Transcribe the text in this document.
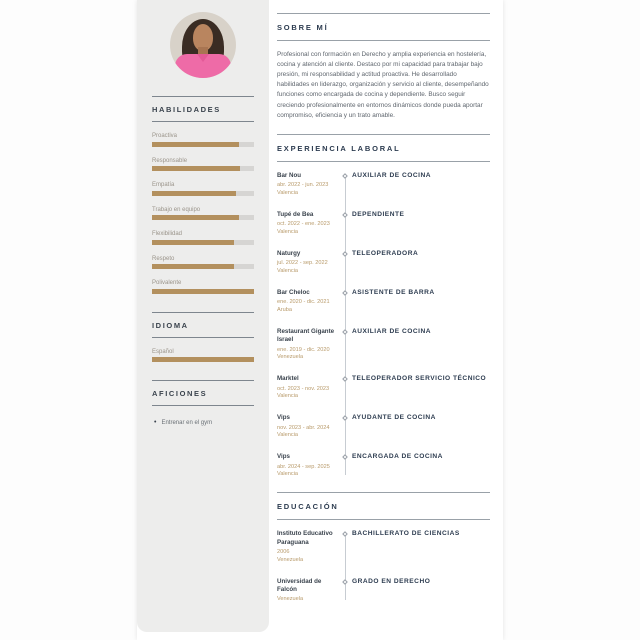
HABILIDADES
Proactiva
Responsable
Empatía
Trabajo en equipo
Flexibilidad
Respeto
Polivalente
IDIOMA
Español
AFICIONES
• Entrenar en el gym
SOBRE MÍ

Profesional con formación en Derecho y amplia experiencia en hostelería, cocina y atención al cliente. Destaco por mi capacidad para trabajar bajo presión, mi responsabilidad y actitud proactiva. He desarrollado habilidades en liderazgo, organización y servicio al cliente, desempeñando funciones como encargada de cocina y dependiente. Busco seguir creciendo profesionalmente en entornos dinámicos donde pueda aportar compromiso, eficiencia y un trato amable.

EXPERIENCIA LABORAL
Bar Nou
abr. 2022 - jun. 2023
Valencia
AUXILIAR DE COCINA
Tupé de Bea
oct. 2022 - ene. 2023
Valencia
DEPENDIENTE
Naturgy
jul. 2022 - sep. 2022
Valencia
TELEOPERADORA
Bar Cheloc
ene. 2020 - dic. 2021
Aruba
ASISTENTE DE BARRA
Restaurant Gigante Israel
ene. 2019 - dic. 2020
Venezuela
AUXILIAR DE COCINA
Marktel
oct. 2023 - nov. 2023
Valencia
TELEOPERADOR SERVICIO TÉCNICO
Vips
nov. 2023 - abr. 2024
Valencia
AYUDANTE DE COCINA
Vips
abr. 2024 - sep. 2025
Valencia
ENCARGADA DE COCINA
EDUCACIÓN
Instituto Educativo Paraguana
2006
Venezuela
BACHILLERATO DE CIENCIAS
Universidad de Falcón
Venezuela
GRADO EN DERECHO
